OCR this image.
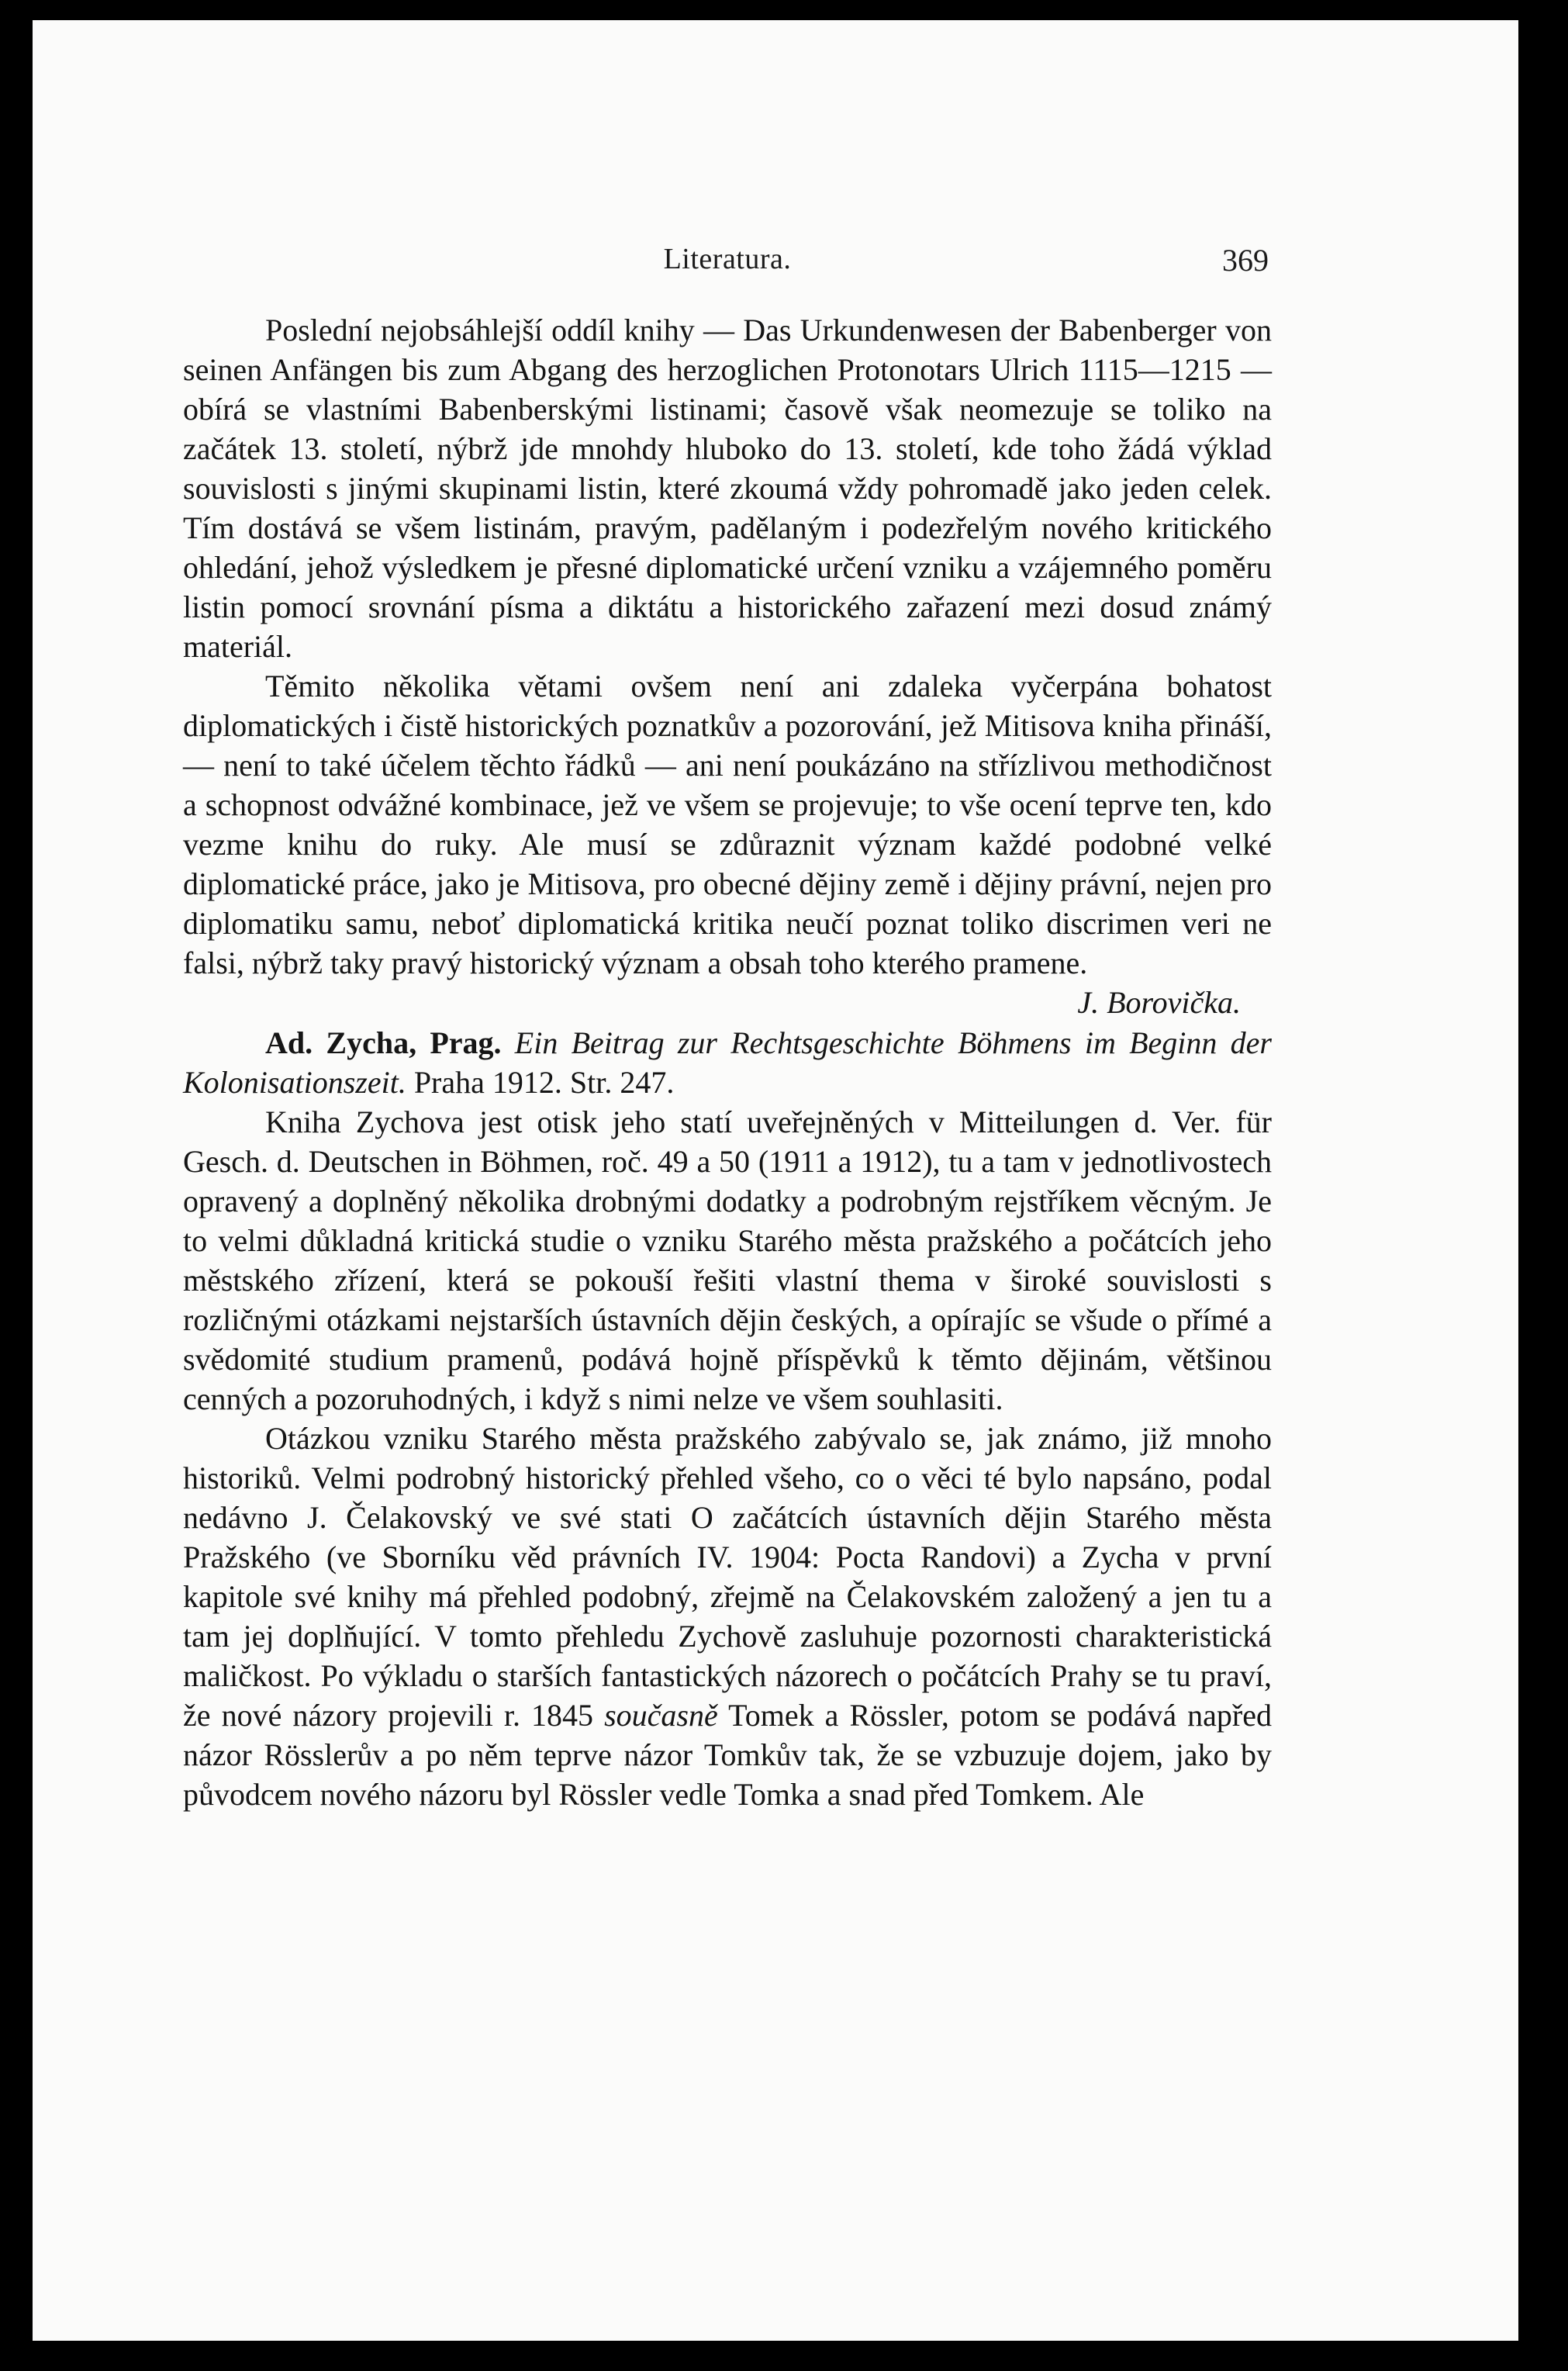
Literatura.	369

Poslední nejobsáhlejší oddíl knihy — Das Urkundenwesen der Babenberger von seinen Anfängen bis zum Abgang des herzoglichen Protonotars Ulrich 1115—1215 — obírá se vlastními Babenberskými listinami; časově však neomezuje se toliko na začátek 13. století, nýbrž jde mnohdy hluboko do 13. století, kde toho žádá výklad souvislosti s jinými skupinami listin, které zkoumá vždy pohromadě jako jeden celek. Tím dostává se všem listinám, pravým, padělaným i podezřelým nového kritického ohledání, jehož výsledkem je přesné diplomatické určení vzniku a vzájemného poměru listin pomocí srovnání písma a diktátu a historického zařazení mezi dosud známý materiál.

Těmito několika větami ovšem není ani zdaleka vyčerpána bohatost diplomatických i čistě historických poznatkův a pozorování, jež Mitisova kniha přináší, — není to také účelem těchto řádků — ani není poukázáno na střízlivou methodičnost a schopnost odvážné kombinace, jež ve všem se projevuje; to vše ocení teprve ten, kdo vezme knihu do ruky. Ale musí se zdůraznit význam každé podobné velké diplomatické práce, jako je Mitisova, pro obecné dějiny země i dějiny právní, nejen pro diplomatiku samu, neboť diplomatická kritika neučí poznat toliko discrimen veri ne falsi, nýbrž taky pravý historický význam a obsah toho kterého pramene.
J. Borovička.

Ad. Zycha, Prag. Ein Beitrag zur Rechtsgeschichte Böhmens im Beginn der Kolonisationszeit. Praha 1912. Str. 247.

Kniha Zychova jest otisk jeho statí uveřejněných v Mitteilungen d. Ver. für Gesch. d. Deutschen in Böhmen, roč. 49 a 50 (1911 a 1912), tu a tam v jednotlivostech opravený a doplněný několika drobnými dodatky a podrobným rejstříkem věcným. Je to velmi důkladná kritická studie o vzniku Starého města pražského a počátcích jeho městského zřízení, která se pokouší řešiti vlastní thema v široké souvislosti s rozličnými otázkami nejstarších ústavních dějin českých, a opírajíc se všude o přímé a svědomité studium pramenů, podává hojně příspěvků k těmto dějinám, většinou cenných a pozoruhodných, i když s nimi nelze ve všem souhlasiti.

Otázkou vzniku Starého města pražského zabývalo se, jak známo, již mnoho historiků. Velmi podrobný historický přehled všeho, co o věci té bylo napsáno, podal nedávno J. Čelakovský ve své stati O začátcích ústavních dějin Starého města Pražského (ve Sborníku věd právních IV. 1904: Pocta Randovi) a Zycha v první kapitole své knihy má přehled podobný, zřejmě na Čelakovském založený a jen tu a tam jej doplňující. V tomto přehledu Zychově zasluhuje pozornosti charakteristická maličkost. Po výkladu o starších fantastických názorech o počátcích Prahy se tu praví, že nové názory projevili r. 1845 současně Tomek a Rössler, potom se podává napřed názor Rösslerův a po něm teprve názor Tomkův tak, že se vzbuzuje dojem, jako by původcem nového názoru byl Rössler vedle Tomka a snad před Tomkem. Ale
